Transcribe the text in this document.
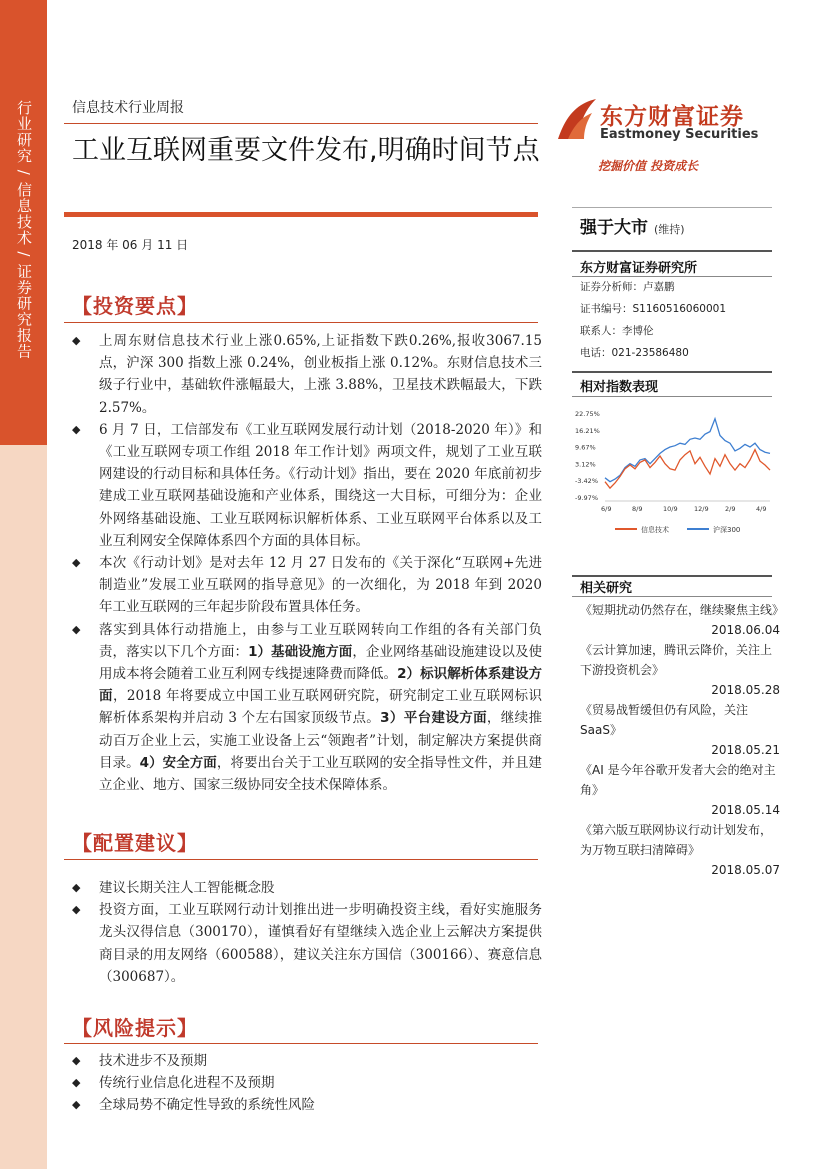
行业研究 / 信息技术 / 证券研究报告	信息技术行业周报
工业互联网重要文件发布,明确时间节点
2018 年 06 月 11 日
【投资要点】
◆ 上周东财信息技术行业上涨0.65%,上证指数下跌0.26%,报收3067.15点，沪深 300 指数上涨 0.24%，创业板指上涨 0.12%。东财信息技术三级子行业中，基础软件涨幅最大，上涨 3.88%，卫星技术跌幅最大，下跌 2.57%。
◆ 6 月 7 日，工信部发布《工业互联网发展行动计划（2018-2020 年）》和《工业互联网专项工作组 2018 年工作计划》两项文件，规划了工业互联网建设的行动目标和具体任务。《行动计划》指出，要在 2020 年底前初步建成工业互联网基础设施和产业体系，围绕这一大目标，可细分为：企业外网络基础设施、工业互联网标识解析体系、工业互联网平台体系以及工业互利网安全保障体系四个方面的具体目标。
◆ 本次《行动计划》是对去年 12 月 27 日发布的《关于深化“互联网+先进制造业”发展工业互联网的指导意见》的一次细化，为 2018 年到 2020 年工业互联网的三年起步阶段布置具体任务。
◆ 落实到具体行动措施上，由参与工业互联网转向工作组的各有关部门负责，落实以下几个方面：1）基础设施方面，企业网络基础设施建设以及使用成本将会随着工业互利网专线提速降费而降低。2）标识解析体系建设方面，2018 年将要成立中国工业互联网研究院，研究制定工业互联网标识解析体系架构并启动 3 个左右国家顶级节点。3）平台建设方面，继续推动百万企业上云，实施工业设备上云“领跑者”计划，制定解决方案提供商目录。4）安全方面，将要出台关于工业互联网的安全指导性文件，并且建立企业、地方、国家三级协同安全技术保障体系。
【配置建议】
◆ 建议长期关注人工智能概念股
◆ 投资方面，工业互联网行动计划推出进一步明确投资主线，看好实施服务龙头汉得信息（300170），谨慎看好有望继续入选企业上云解决方案提供商目录的用友网络（600588），建议关注东方国信（300166）、赛意信息（300687）。
【风险提示】
◆ 技术进步不及预期
◆ 传统行业信息化进程不及预期
◆ 全球局势不确定性导致的系统性风险
东方财富证券
Eastmoney Securities
挖掘价值 投资成长
强于大市 (维持)
东方财富证券研究所
证券分析师：卢嘉鹏
证书编号：S1160516060001
联系人：李博伦
电话：021-23586480
相对指数表现
22.75%
16.21%
9.67%
3.12%
-3.42%
-9.97%
6/9	8/9	10/9	12/9	2/9	4/9
信息技术	沪深300
相关研究
《短期扰动仍然存在，继续聚焦主线》
2018.06.04
《云计算加速，腾讯云降价，关注上下游投资机会》
2018.05.28
《贸易战暂缓但仍有风险，关注 SaaS》
2018.05.21
《AI 是今年谷歌开发者大会的绝对主角》
2018.05.14
《第六版互联网协议行动计划发布，为万物互联扫清障碍》
2018.05.07
